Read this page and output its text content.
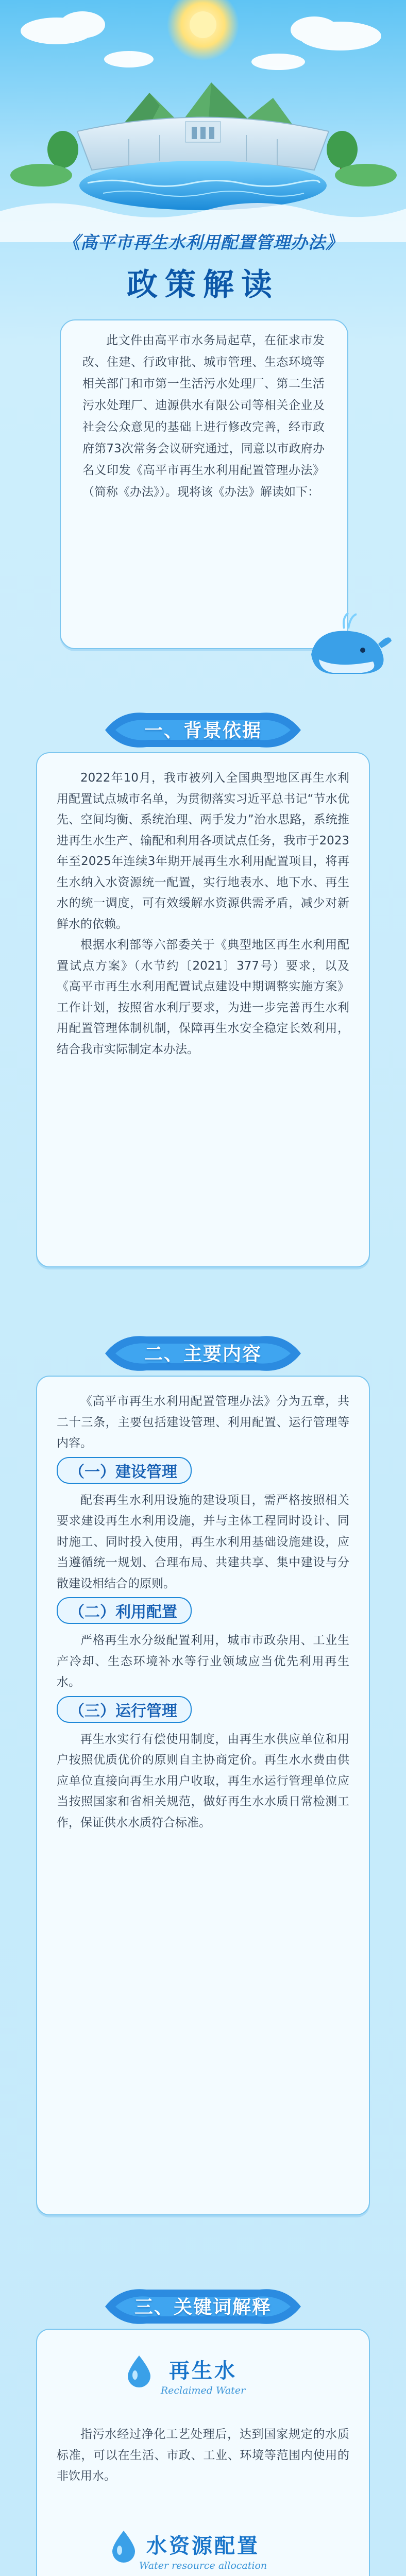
《高平市再生水利用配置管理办法》
政策解读

此文件由高平市水务局起草，在征求市发改、住建、行政审批、城市管理、生态环境等相关部门和市第一生活污水处理厂、第二生活污水处理厂、迪源供水有限公司等相关企业及社会公众意见的基础上进行修改完善，经市政府第73次常务会议研究通过，同意以市政府办名义印发《高平市再生水利用配置管理办法》（简称《办法》）。现将该《办法》解读如下：

一、背景依据

2022年10月，我市被列入全国典型地区再生水利用配置试点城市名单，为贯彻落实习近平总书记“节水优先、空间均衡、系统治理、两手发力”治水思路，系统推进再生水生产、输配和利用各项试点任务，我市于2023年至2025年连续3年期开展再生水利用配置项目，将再生水纳入水资源统一配置，实行地表水、地下水、再生水的统一调度，可有效缓解水资源供需矛盾，减少对新鲜水的依赖。

根据水利部等六部委关于《典型地区再生水利用配置试点方案》（水节约〔2021〕377号）要求，以及《高平市再生水利用配置试点建设中期调整实施方案》工作计划，按照省水利厅要求，为进一步完善再生水利用配置管理体制机制，保障再生水安全稳定长效利用，结合我市实际制定本办法。

二、主要内容

《高平市再生水利用配置管理办法》分为五章，共二十三条，主要包括建设管理、利用配置、运行管理等内容。

（一）建设管理

配套再生水利用设施的建设项目，需严格按照相关要求建设再生水利用设施，并与主体工程同时设计、同时施工、同时投入使用，再生水利用基础设施建设，应当遵循统一规划、合理布局、共建共享、集中建设与分散建设相结合的原则。

（二）利用配置

严格再生水分级配置利用，城市市政杂用、工业生产冷却、生态环境补水等行业领域应当优先利用再生水。

（三）运行管理

再生水实行有偿使用制度，由再生水供应单位和用户按照优质优价的原则自主协商定价。再生水水费由供应单位直接向再生水用户收取，再生水运行管理单位应当按照国家和省相关规范，做好再生水水质日常检测工作，保证供水水质符合标准。

三、关键词解释
再生水
Reclaimed Water

指污水经过净化工艺处理后，达到国家规定的水质标准，可以在生活、市政、工业、环境等范围内使用的非饮用水。

水资源配置
Water resource allocation
